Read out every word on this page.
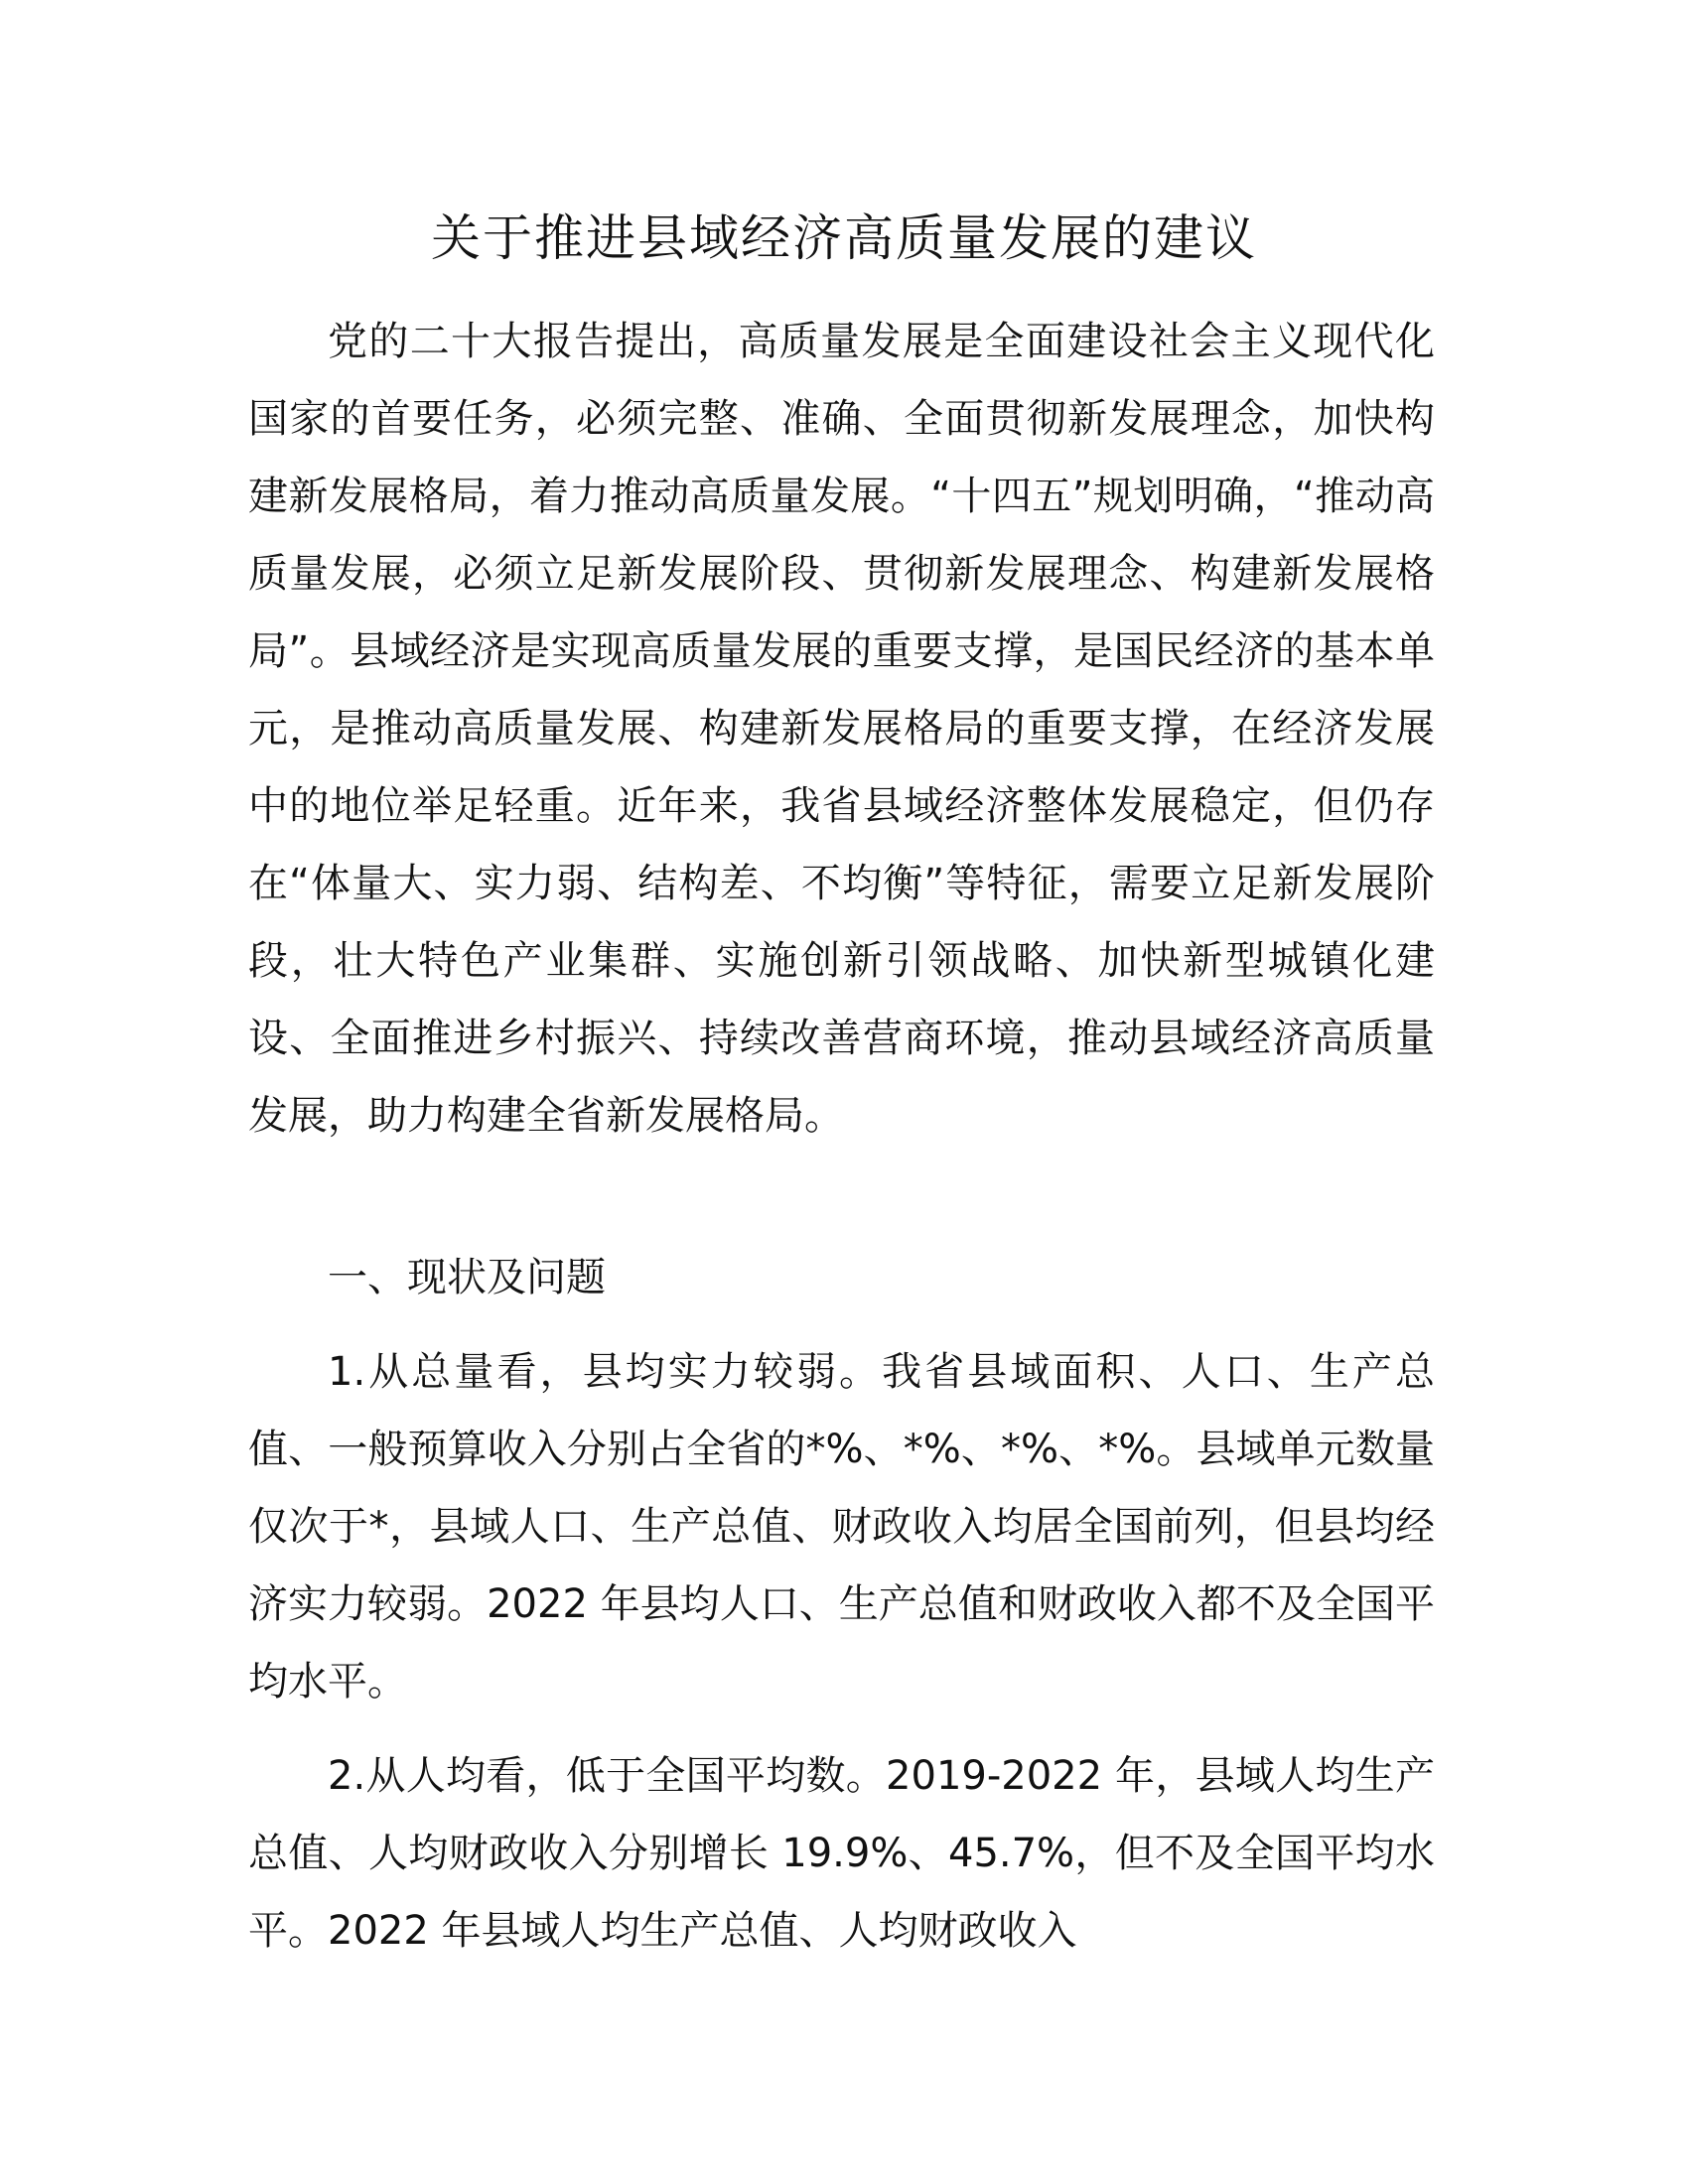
关于推进县域经济高质量发展的建议

党的二十大报告提出，高质量发展是全面建设社会主义现代化国家的首要任务，必须完整、准确、全面贯彻新发展理念，加快构建新发展格局，着力推动高质量发展。“十四五”规划明确，“推动高质量发展，必须立足新发展阶段、贯彻新发展理念、构建新发展格局”。县域经济是实现高质量发展的重要支撑，是国民经济的基本单元，是推动高质量发展、构建新发展格局的重要支撑，在经济发展中的地位举足轻重。近年来，我省县域经济整体发展稳定，但仍存在“体量大、实力弱、结构差、不均衡”等特征，需要立足新发展阶段，壮大特色产业集群、实施创新引领战略、加快新型城镇化建设、全面推进乡村振兴、持续改善营商环境，推动县域经济高质量发展，助力构建全省新发展格局。

一、现状及问题

1.从总量看，县均实力较弱。我省县域面积、人口、生产总值、一般预算收入分别占全省的*%、*%、*%、*%。县域单元数量仅次于*，县域人口、生产总值、财政收入均居全国前列，但县均经济实力较弱。2022 年县均人口、生产总值和财政收入都不及全国平均水平。

2.从人均看，低于全国平均数。2019-2022 年，县域人均生产总值、人均财政收入分别增长 19.9%、45.7%，但不及全国平均水平。2022 年县域人均生产总值、人均财政收入
